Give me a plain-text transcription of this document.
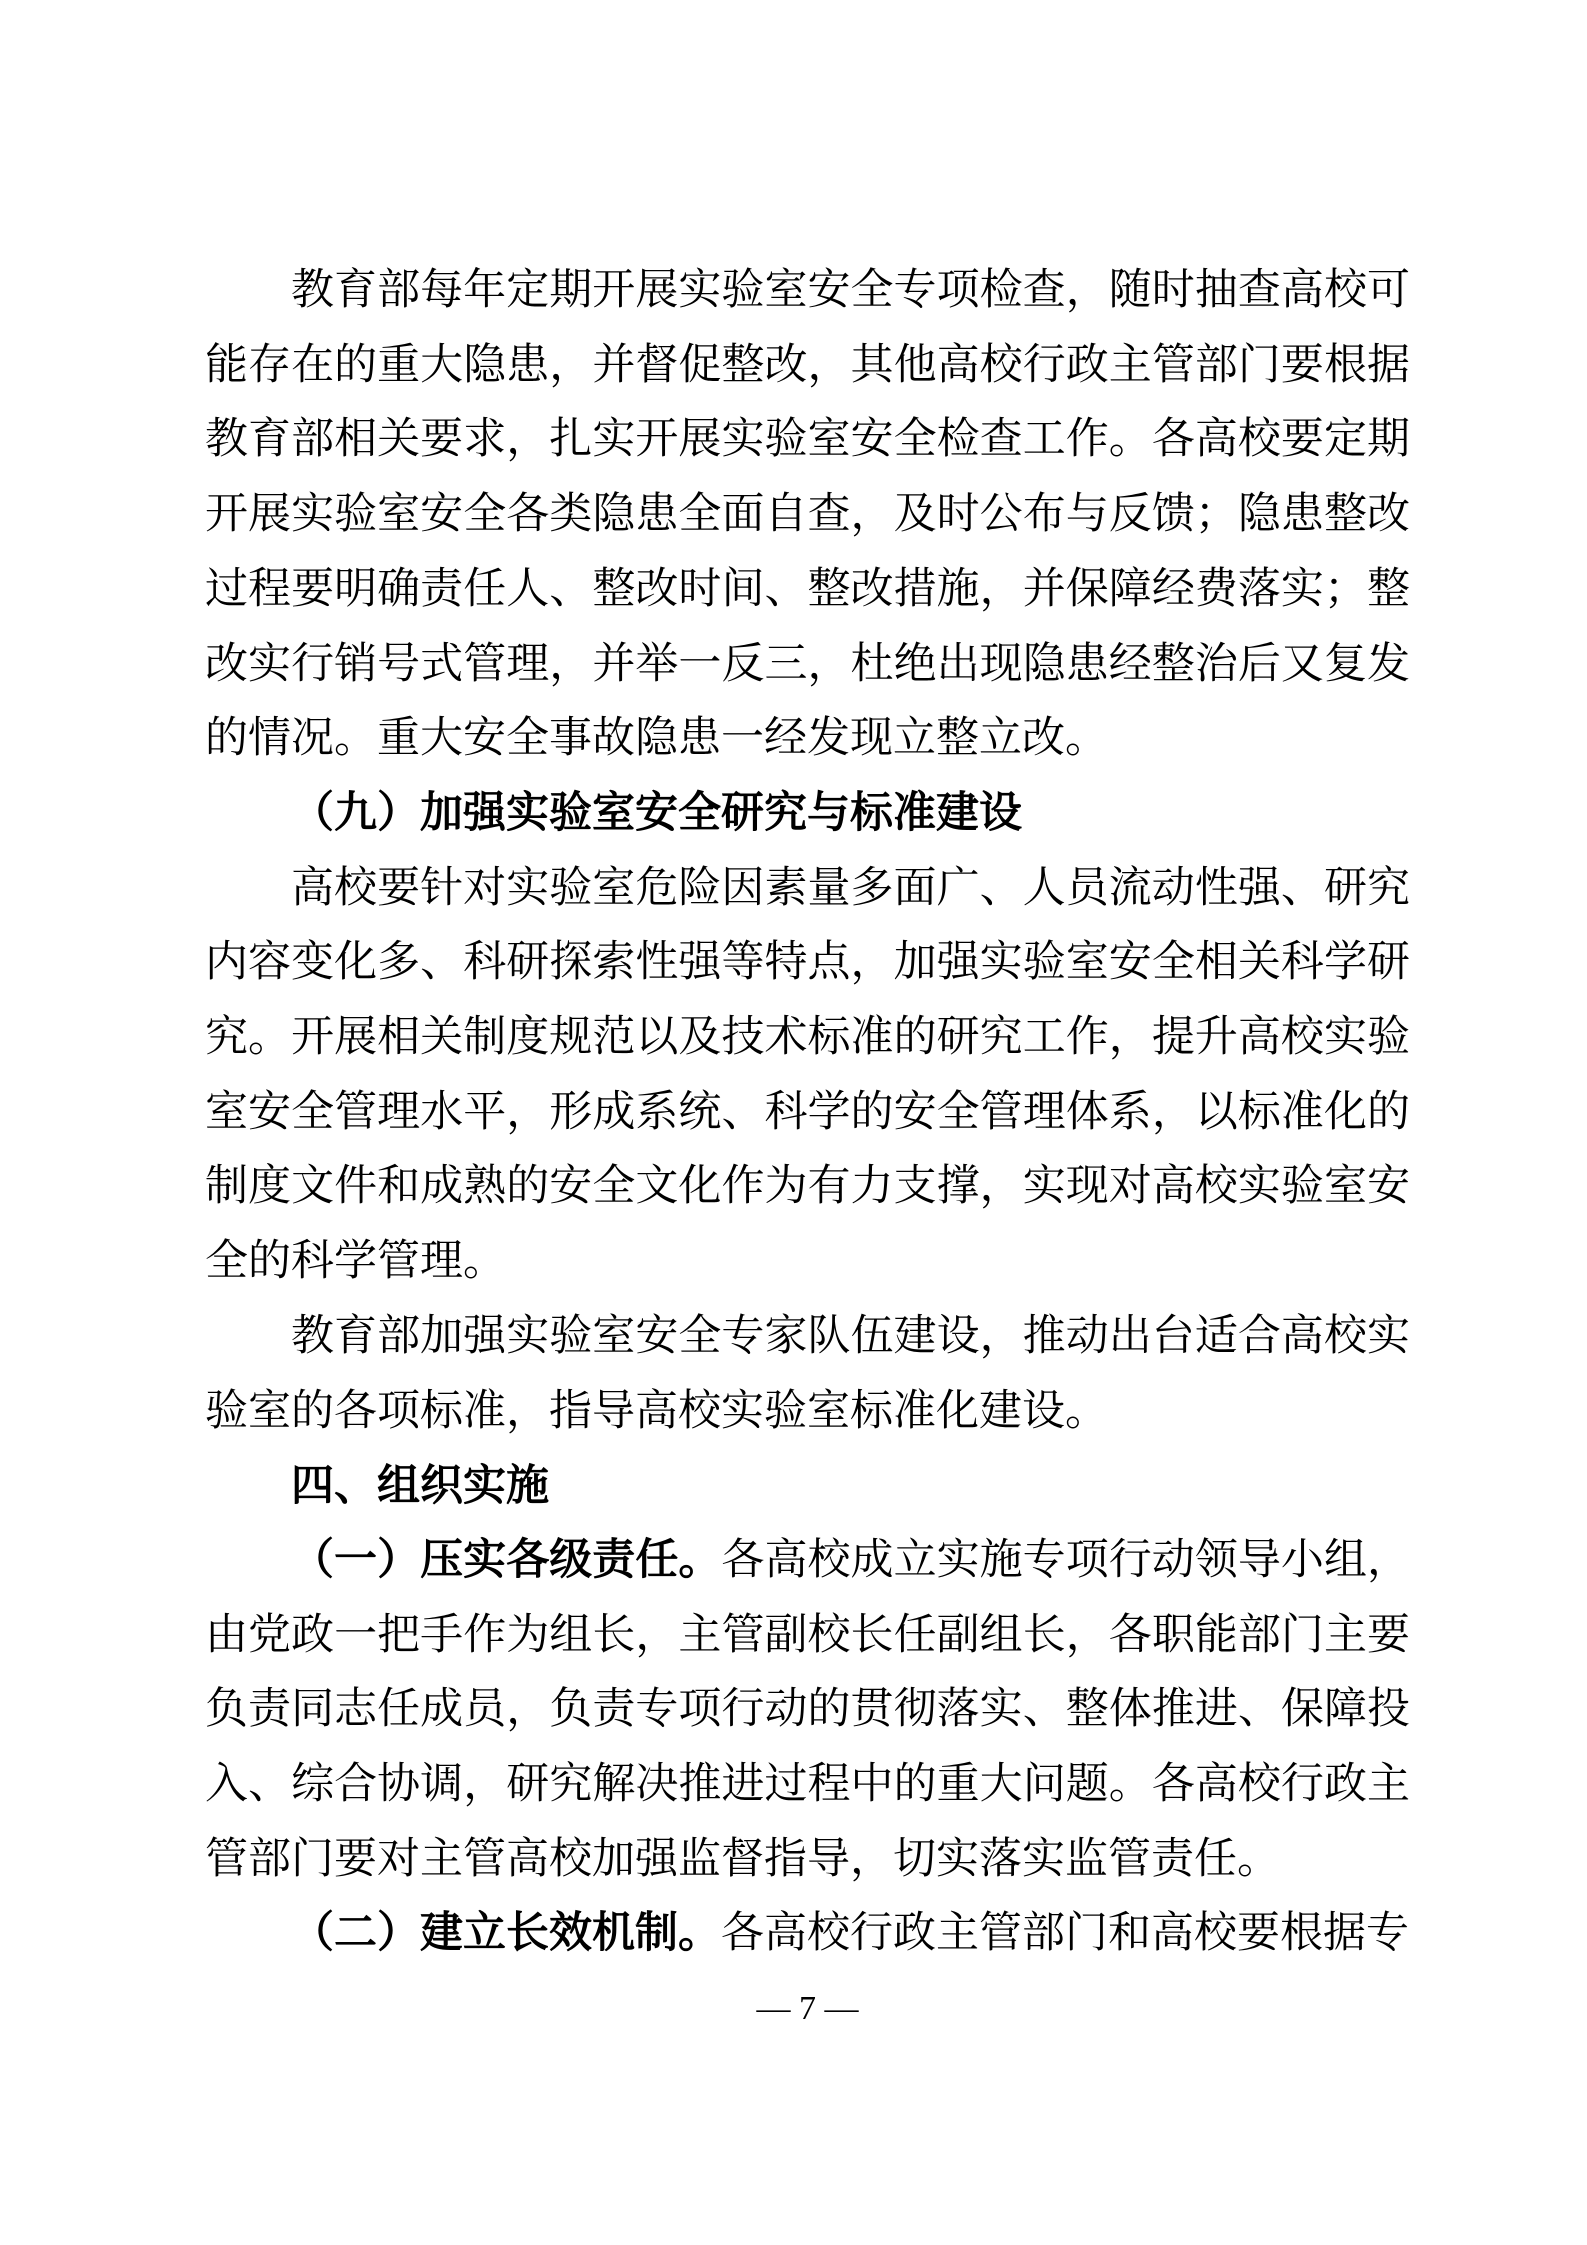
教育部每年定期开展实验室安全专项检查，随时抽查高校可能存在的重大隐患，并督促整改，其他高校行政主管部门要根据教育部相关要求，扎实开展实验室安全检查工作。各高校要定期开展实验室安全各类隐患全面自查，及时公布与反馈；隐患整改过程要明确责任人、整改时间、整改措施，并保障经费落实；整改实行销号式管理，并举一反三，杜绝出现隐患经整治后又复发的情况。重大安全事故隐患一经发现立整立改。

（九）加强实验室安全研究与标准建设

高校要针对实验室危险因素量多面广、人员流动性强、研究内容变化多、科研探索性强等特点，加强实验室安全相关科学研究。开展相关制度规范以及技术标准的研究工作，提升高校实验室安全管理水平，形成系统、科学的安全管理体系，以标准化的制度文件和成熟的安全文化作为有力支撑，实现对高校实验室安全的科学管理。

教育部加强实验室安全专家队伍建设，推动出台适合高校实验室的各项标准，指导高校实验室标准化建设。

四、组织实施

（一）压实各级责任。各高校成立实施专项行动领导小组，由党政一把手作为组长，主管副校长任副组长，各职能部门主要负责同志任成员，负责专项行动的贯彻落实、整体推进、保障投入、综合协调，研究解决推进过程中的重大问题。各高校行政主管部门要对主管高校加强监督指导，切实落实监管责任。

（二）建立长效机制。各高校行政主管部门和高校要根据专

— 7 —
